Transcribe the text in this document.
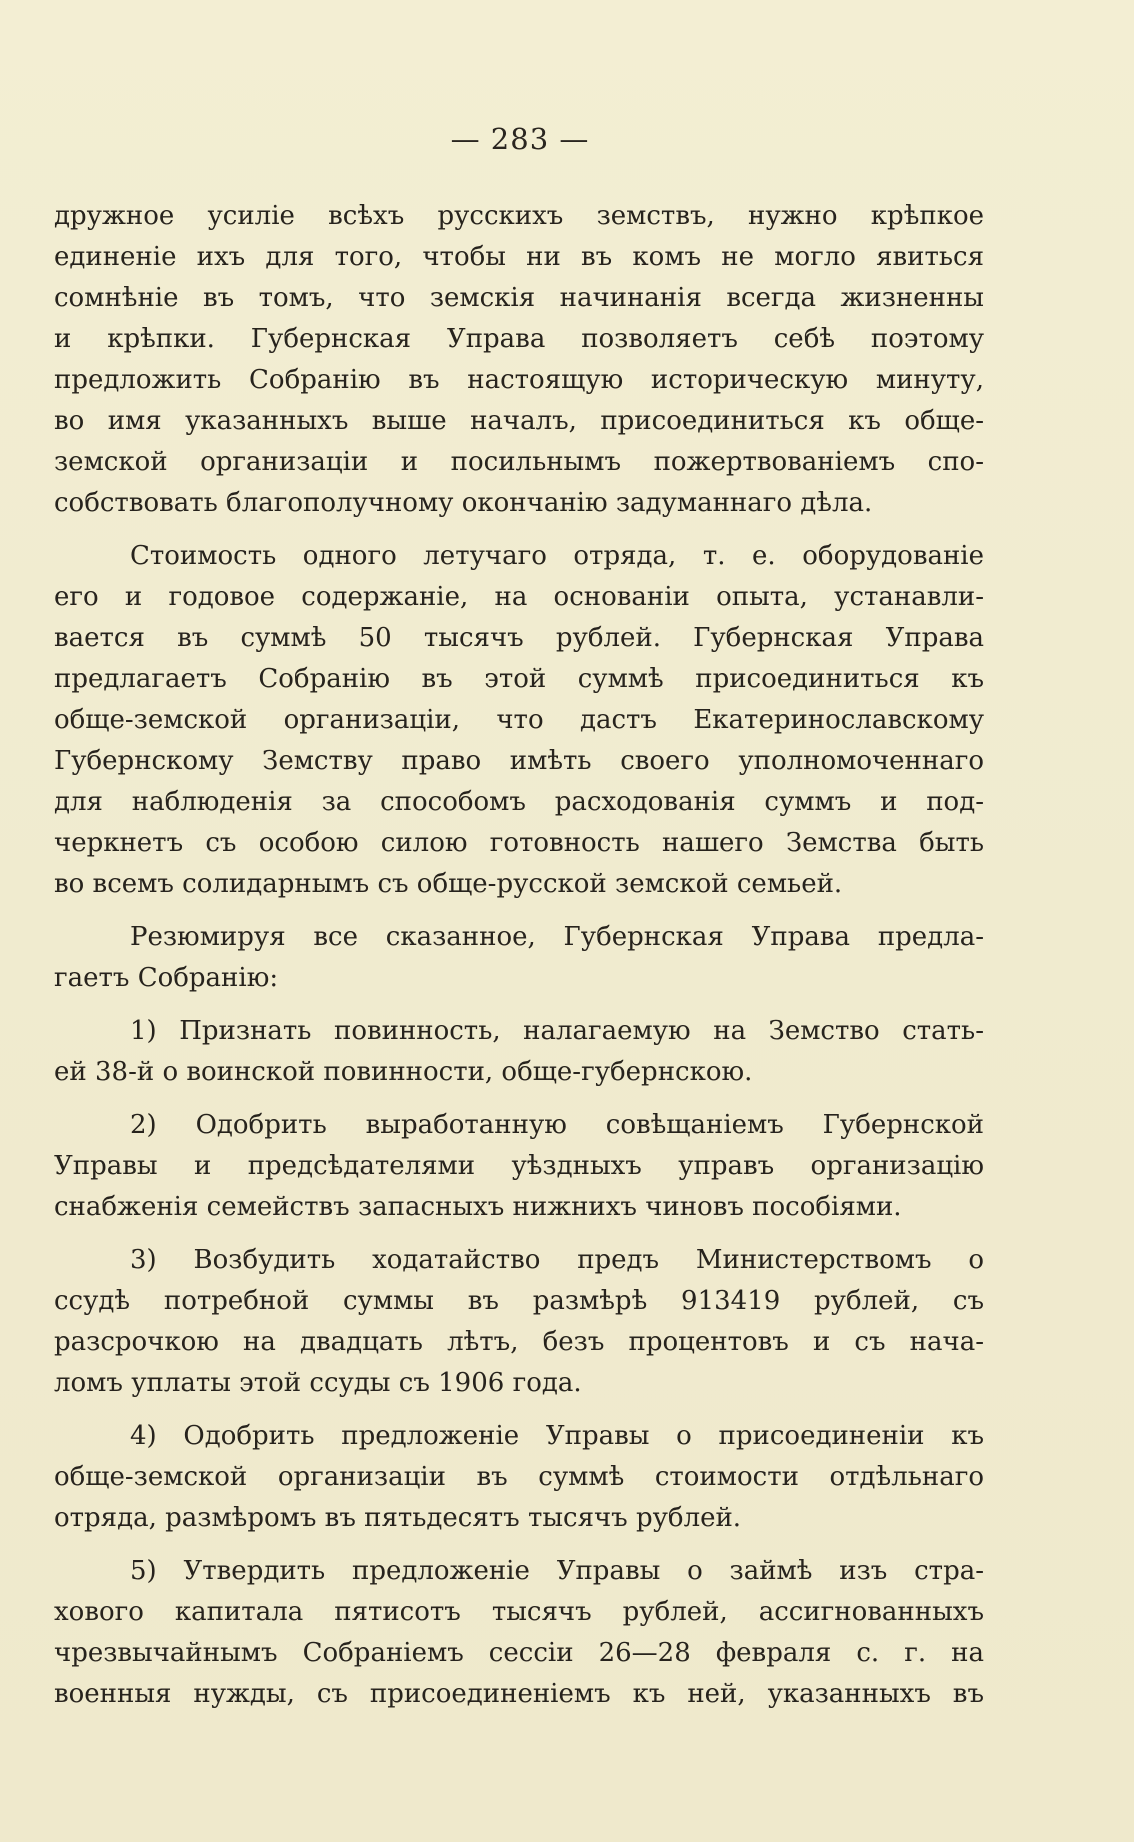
— 283 —
дружное усиліе всѣхъ русскихъ земствъ, нужно крѣпкое
единеніе ихъ для того, чтобы ни въ комъ не могло явиться
сомнѣніе въ томъ, что земскія начинанія всегда жизненны
и крѣпки. Губернская Управа позволяетъ себѣ поэтому
предложить Собранію въ настоящую историческую минуту,
во имя указанныхъ выше началъ, присоединиться къ обще-
земской организаціи и посильнымъ пожертвованіемъ спо-
собствовать благополучному окончанію задуманнаго дѣла.
Стоимость одного летучаго отряда, т. е. оборудованіе
его и годовое содержаніе, на основаніи опыта, устанавли-
вается въ суммѣ 50 тысячъ рублей. Губернская Управа
предлагаетъ Собранію въ этой суммѣ присоединиться къ
обще-земской организаціи, что дастъ Екатеринославскому
Губернскому Земству право имѣть своего уполномоченнаго
для наблюденія за способомъ расходованія суммъ и под-
черкнетъ съ особою силою готовность нашего Земства быть
во всемъ солидарнымъ съ обще-русской земской семьей.
Резюмируя все сказанное, Губернская Управа предла-
гаетъ Собранію:
1) Признать повинность, налагаемую на Земство стать-
ей 38-й о воинской повинности, обще-губернскою.
2) Одобрить выработанную совѣщаніемъ Губернской
Управы и предсѣдателями уѣздныхъ управъ организацію
снабженія семействъ запасныхъ нижнихъ чиновъ пособіями.
3) Возбудить ходатайство предъ Министерствомъ о
ссудѣ потребной суммы въ размѣрѣ 913419 рублей, съ
разсрочкою на двадцать лѣтъ, безъ процентовъ и съ нача-
ломъ уплаты этой ссуды съ 1906 года.
4) Одобрить предложеніе Управы о присоединеніи къ
обще-земской организаціи въ суммѣ стоимости отдѣльнаго
отряда, размѣромъ въ пятьдесятъ тысячъ рублей.
5) Утвердить предложеніе Управы о займѣ изъ стра-
хового капитала пятисотъ тысячъ рублей, ассигнованныхъ
чрезвычайнымъ Собраніемъ сессіи 26—28 февраля с. г. на
военныя нужды, съ присоединеніемъ къ ней, указанныхъ въ
